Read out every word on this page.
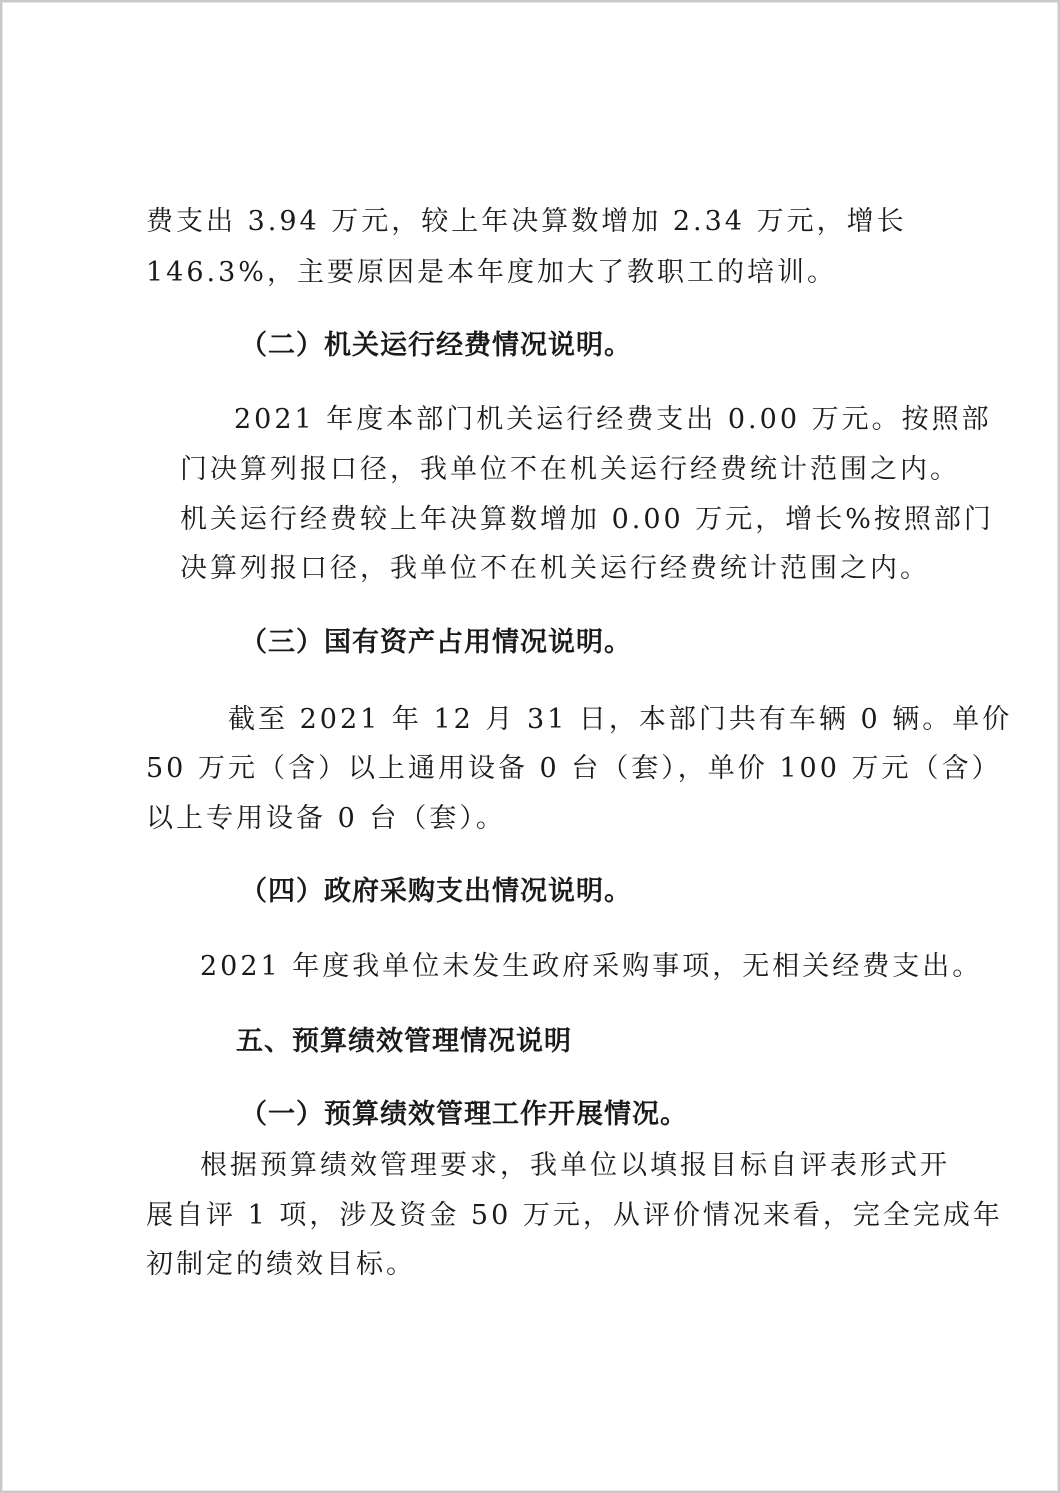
费支出 3.94 万元，较上年决算数增加 2.34 万元，增长

146.3%，主要原因是本年度加大了教职工的培训。

（二）机关运行经费情况说明。

2021 年度本部门机关运行经费支出 0.00 万元。按照部

门决算列报口径，我单位不在机关运行经费统计范围之内。

机关运行经费较上年决算数增加 0.00 万元，增长%按照部门

决算列报口径，我单位不在机关运行经费统计范围之内。

（三）国有资产占用情况说明。

截至 2021 年 12 月 31 日，本部门共有车辆 0 辆。单价

50 万元（含）以上通用设备 0 台（套），单价 100 万元（含）

以上专用设备 0 台（套）。

（四）政府采购支出情况说明。

2021 年度我单位未发生政府采购事项，无相关经费支出。

五、预算绩效管理情况说明
（一）预算绩效管理工作开展情况。

根据预算绩效管理要求，我单位以填报目标自评表形式开

展自评 1 项，涉及资金 50 万元，从评价情况来看，完全完成年

初制定的绩效目标。
